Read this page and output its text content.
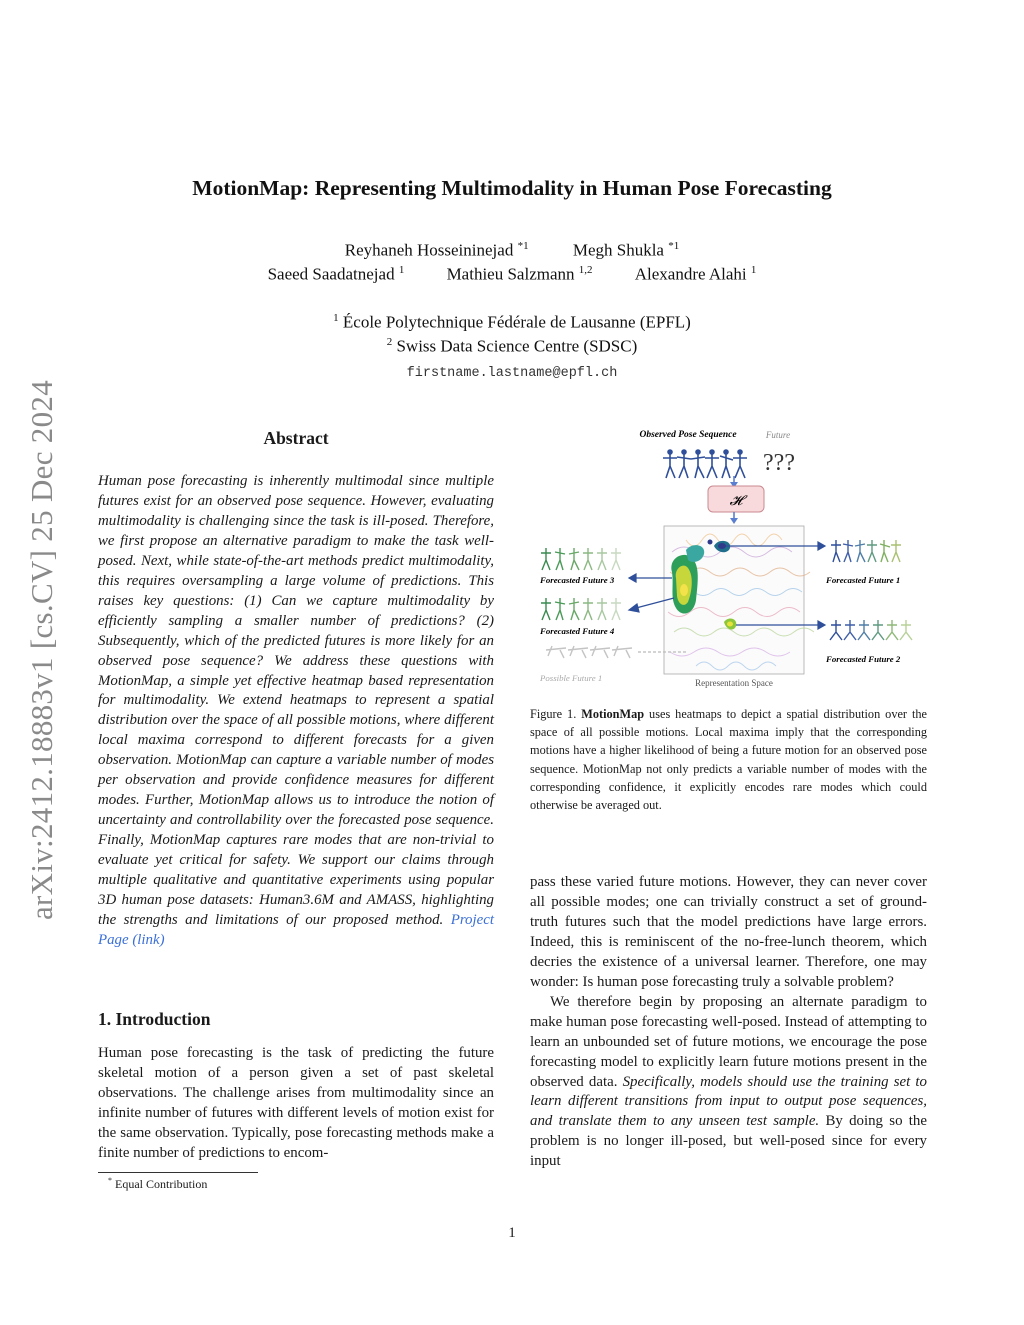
arXiv:2412.18883v1 [cs.CV] 25 Dec 2024
MotionMap: Representing Multimodality in Human Pose Forecasting
Reyhaneh Hosseininejad $^{*1}$	Megh Shukla $^{*1}$
Saeed Saadatnejad $^1$ Mathieu Salzmann $^{1,2}$ Alexandre Alahi $^1$
$^1$ École Polytechnique Fédérale de Lausanne (EPFL)
$^2$ Swiss Data Science Centre (SDSC)
firstname.lastname@epfl.ch
Abstract
Human pose forecasting is inherently multimodal since multiple futures exist for an observed pose sequence. However, evaluating multimodality is challenging since the task is ill-posed. Therefore, we first propose an alternative paradigm to make the task well-posed. Next, while state-of-the-art methods predict multimodality, this requires oversampling a large volume of predictions. This raises key questions: (1) Can we capture multimodality by efficiently sampling a smaller number of predictions? (2) Subsequently, which of the predicted futures is more likely for an observed pose sequence? We address these questions with MotionMap, a simple yet effective heatmap based representation for multimodality. We extend heatmaps to represent a spatial distribution over the space of all possible motions, where different local maxima correspond to different forecasts for a given observation. MotionMap can capture a variable number of modes per observation and provide confidence measures for different modes. Further, MotionMap allows us to introduce the notion of uncertainty and controllability over the forecasted pose sequence. Finally, MotionMap captures rare modes that are non-trivial to evaluate yet critical for safety. We support our claims through multiple qualitative and quantitative experiments using popular 3D human pose datasets: Human3.6M and AMASS, highlighting the strengths and limitations of our proposed method. Project Page (link)
1. Introduction
Human pose forecasting is the task of predicting the future skeletal motion of a person given a set of past skeletal observations. The challenge arises from multimodality since an infinite number of futures with different levels of motion exist for the same observation. Typically, pose forecasting methods make a finite number of predictions to encom-
* Equal Contribution
Observed Pose Sequence	Future
???
𝓗
Representation Space
Forecasted Future 1
Forecasted Future 2
Forecasted Future 3
Forecasted Future 4
Possible Future 1
Figure 1. MotionMap uses heatmaps to depict a spatial distribution over the space of all possible motions. Local maxima imply that the corresponding motions have a higher likelihood of being a future motion for an observed pose sequence. MotionMap not only predicts a variable number of modes with the corresponding confidence, it explicitly encodes rare modes which could otherwise be averaged out.

pass these varied future motions. However, they can never cover all possible modes; one can trivially construct a set of ground-truth futures such that the model predictions have large errors. Indeed, this is reminiscent of the no-free-lunch theorem, which decries the existence of a universal learner. Therefore, one may wonder: Is human pose forecasting truly a solvable problem?

We therefore begin by proposing an alternate paradigm to make human pose forecasting well-posed. Instead of attempting to learn an unbounded set of future motions, we encourage the pose forecasting model to explicitly learn future motions present in the observed data. Specifically, models should use the training set to learn different transitions from input to output pose sequences, and translate them to any unseen test sample. By doing so the problem is no longer ill-posed, but well-posed since for every input

1
